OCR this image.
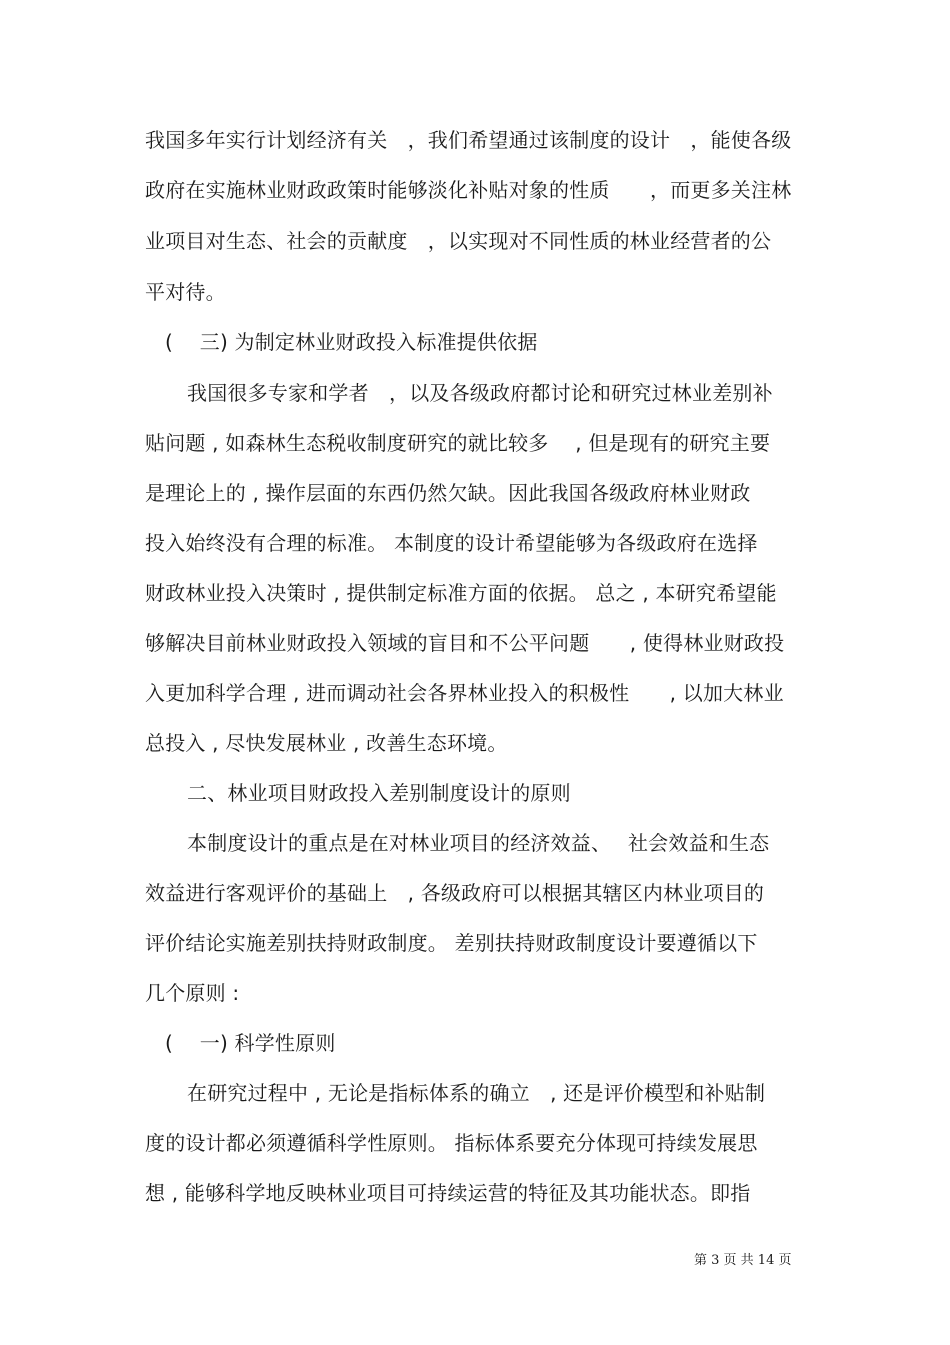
我国多年实行计划经济有关　，我们希望通过该制度的设计　，能使各级
政府在实施林业财政政策时能够淡化补贴对象的性质　　，而更多关注林
业项目对生态、社会的贡献度　，以实现对不同性质的林业经营者的公
平对待。
(　 三) 为制定林业财政投入标准提供依据
我国很多专家和学者　，以及各级政府都讨论和研究过林业差别补
贴问题 , 如森林生态税收制度研究的就比较多　 , 但是现有的研究主要
是理论上的 , 操作层面的东西仍然欠缺。因此我国各级政府林业财政
投入始终没有合理的标准。 本制度的设计希望能够为各级政府在选择
财政林业投入决策时 , 提供制定标准方面的依据。 总之 , 本研究希望能
够解决目前林业财政投入领域的盲目和不公平问题　　, 使得林业财政投
入更加科学合理 , 进而调动社会各界林业投入的积极性　　, 以加大林业
总投入 , 尽快发展林业 , 改善生态环境。
二、林业项目财政投入差别制度设计的原则
本制度设计的重点是在对林业项目的经济效益、　 社会效益和生态
效益进行客观评价的基础上　, 各级政府可以根据其辖区内林业项目的
评价结论实施差别扶持财政制度。 差别扶持财政制度设计要遵循以下
几个原则 :
(　 一) 科学性原则
在研究过程中 , 无论是指标体系的确立　, 还是评价模型和补贴制
度的设计都必须遵循科学性原则。 指标体系要充分体现可持续发展思
想 , 能够科学地反映林业项目可持续运营的特征及其功能状态。即指
第 3 页 共 14 页
